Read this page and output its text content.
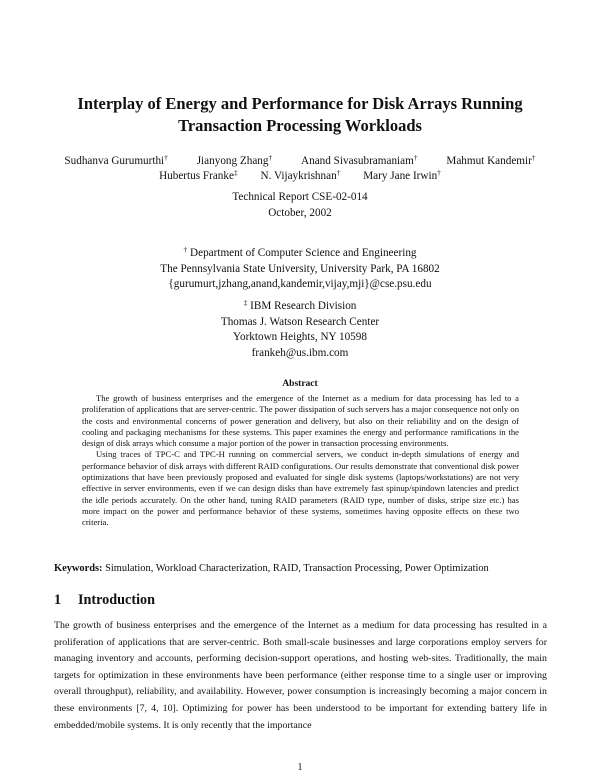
Interplay of Energy and Performance for Disk Arrays Running
Transaction Processing Workloads
Sudhanva Gurumurthi†	Jianyong Zhang†	Anand Sivasubramaniam†	Mahmut Kandemir†
Hubertus Franke‡ N. Vijaykrishnan† Mary Jane Irwin†
Technical Report CSE-02-014
October, 2002
† Department of Computer Science and Engineering
The Pennsylvania State University, University Park, PA 16802
{gurumurt,jzhang,anand,kandemir,vijay,mji}@cse.psu.edu
‡ IBM Research Division
Thomas J. Watson Research Center
Yorktown Heights, NY 10598
frankeh@us.ibm.com
Abstract

The growth of business enterprises and the emergence of the Internet as a medium for data processing has led to a proliferation of applications that are server-centric. The power dissipation of such servers has a major consequence not only on the costs and environmental concerns of power generation and delivery, but also on their reliability and on the design of cooling and packaging mechanisms for these systems. This paper examines the energy and performance ramifications in the design of disk arrays which consume a major portion of the power in transaction processing environments.

Using traces of TPC-C and TPC-H running on commercial servers, we conduct in-depth simulations of energy and performance behavior of disk arrays with different RAID configurations. Our results demonstrate that conventional disk power optimizations that have been previously proposed and evaluated for single disk systems (laptops/workstations) are not very effective in server environments, even if we can design disks than have extremely fast spinup/spindown latencies and predict the idle periods accurately. On the other hand, tuning RAID parameters (RAID type, number of disks, stripe size etc.) has more impact on the power and performance behavior of these systems, sometimes having opposite effects on these two criteria.

Keywords: Simulation, Workload Characterization, RAID, Transaction Processing, Power Optimization
1 Introduction

The growth of business enterprises and the emergence of the Internet as a medium for data processing has resulted in a proliferation of applications that are server-centric. Both small-scale businesses and large corporations employ servers for managing inventory and accounts, performing decision-support operations, and hosting web-sites. Traditionally, the main targets for optimization in these environments have been performance (either response time to a single user or improving overall throughput), reliability, and availability. However, power consumption is increasingly becoming a major concern in these environments [7, 4, 10]. Optimizing for power has been understood to be important for extending battery life in embedded/mobile systems. It is only recently that the importance

1
